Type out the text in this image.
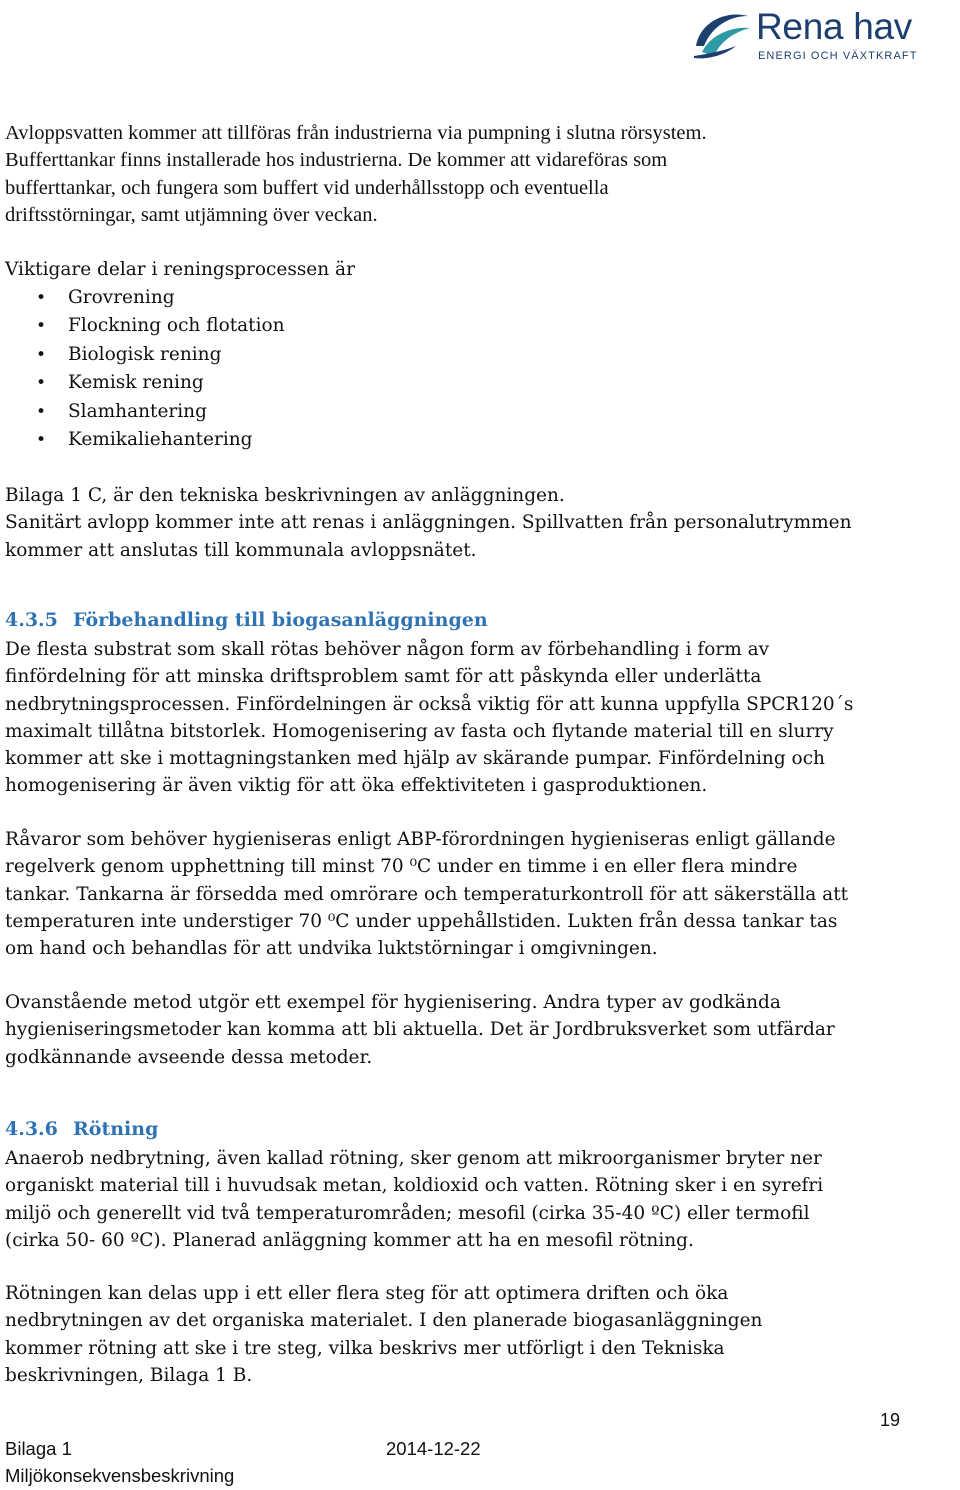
Rena hav
ENERGI OCH VÄXTKRAFT
Avloppsvatten kommer att tillföras från industrierna via pumpning i slutna rörsystem.
Bufferttankar finns installerade hos industrierna. De kommer att vidareföras som
bufferttankar, och fungera som buffert vid underhållsstopp och eventuella
driftsstörningar, samt utjämning över veckan.
Viktigare delar i reningsprocessen är
• Grovrening
• Flockning och flotation
• Biologisk rening
• Kemisk rening
• Slamhantering
• Kemikaliehantering
Bilaga 1 C, är den tekniska beskrivningen av anläggningen.
Sanitärt avlopp kommer inte att renas i anläggningen. Spillvatten från personalutrymmen
kommer att anslutas till kommunala avloppsnätet.
4.3.5 Förbehandling till biogasanläggningen
De flesta substrat som skall rötas behöver någon form av förbehandling i form av
finfördelning för att minska driftsproblem samt för att påskynda eller underlätta
nedbrytningsprocessen. Finfördelningen är också viktig för att kunna uppfylla SPCR120´s
maximalt tillåtna bitstorlek. Homogenisering av fasta och flytande material till en slurry
kommer att ske i mottagningstanken med hjälp av skärande pumpar. Finfördelning och
homogenisering är även viktig för att öka effektiviteten i gasproduktionen.
Råvaror som behöver hygieniseras enligt ABP-förordningen hygieniseras enligt gällande
regelverk genom upphettning till minst 70 ⁰C under en timme i en eller flera mindre
tankar. Tankarna är försedda med omrörare och temperaturkontroll för att säkerställa att
temperaturen inte understiger 70 ⁰C under uppehållstiden. Lukten från dessa tankar tas
om hand och behandlas för att undvika luktstörningar i omgivningen.
Ovanstående metod utgör ett exempel för hygienisering. Andra typer av godkända
hygieniseringsmetoder kan komma att bli aktuella. Det är Jordbruksverket som utfärdar
godkännande avseende dessa metoder.
4.3.6 Rötning
Anaerob nedbrytning, även kallad rötning, sker genom att mikroorganismer bryter ner
organiskt material till i huvudsak metan, koldioxid och vatten. Rötning sker i en syrefri
miljö och generellt vid två temperaturområden; mesofil (cirka 35-40 ºC) eller termofil
(cirka 50- 60 ºC). Planerad anläggning kommer att ha en mesofil rötning.
Rötningen kan delas upp i ett eller flera steg för att optimera driften och öka
nedbrytningen av det organiska materialet. I den planerade biogasanläggningen
kommer rötning att ske i tre steg, vilka beskrivs mer utförligt i den Tekniska
beskrivningen, Bilaga 1 B.
19
Bilaga 1	2014-12-22
Miljökonsekvensbeskrivning
